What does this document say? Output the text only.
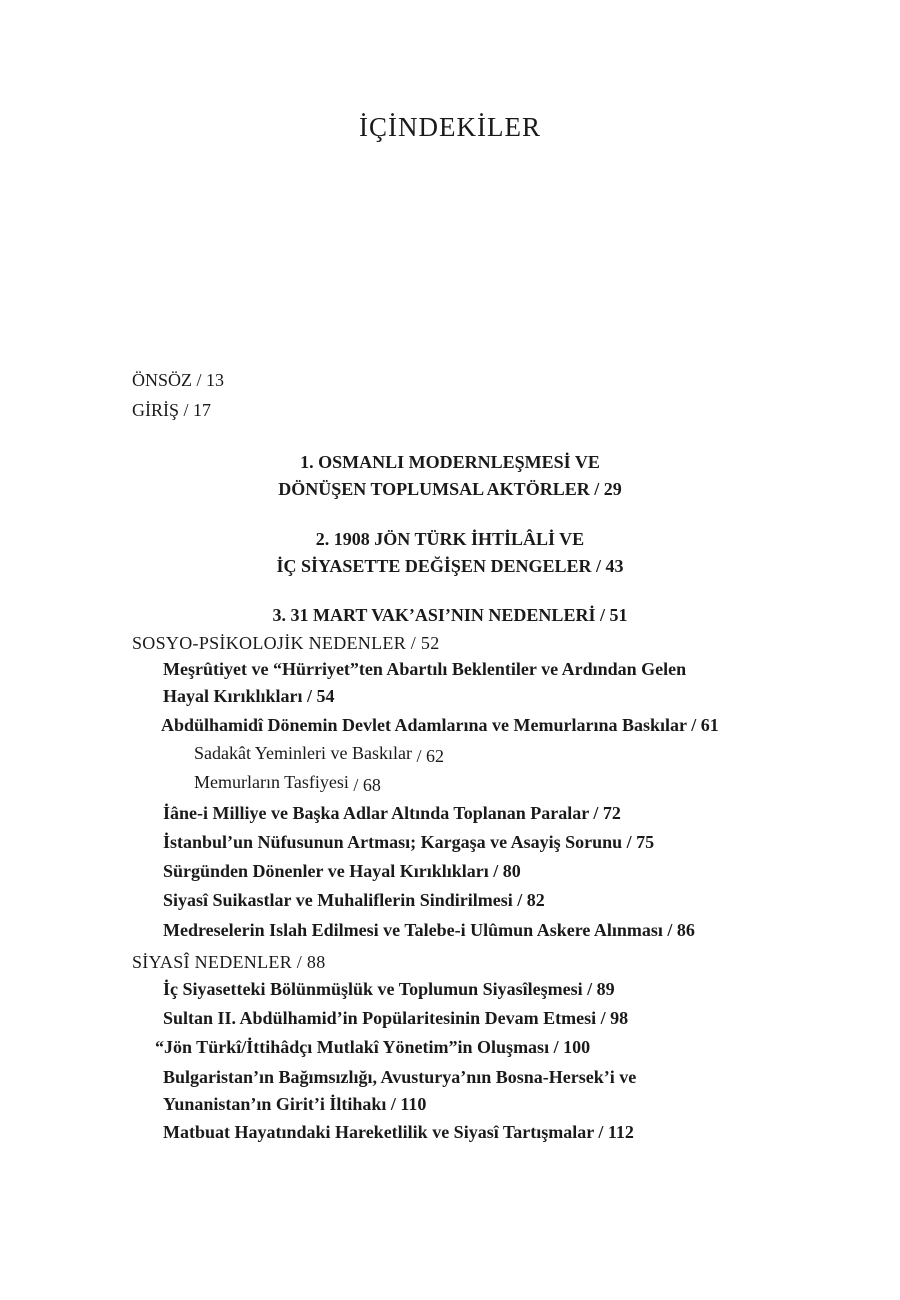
İÇİNDEKİLER
ÖNSÖZ / 13
GİRİŞ / 17
1. OSMANLI MODERNLEŞMESİ VE
DÖNÜŞEN TOPLUMSAL AKTÖRLER / 29
2. 1908 JÖN TÜRK İHTİLÂLİ VE
İÇ SİYASETTE DEĞİŞEN DENGELER / 43
3. 31 MART VAK’ASI’NIN NEDENLERİ / 51
SOSYO-PSİKOLOJİK NEDENLER / 52
Meşrûtiyet ve “Hürriyet”ten Abartılı Beklentiler ve Ardından Gelen
Hayal Kırıklıkları / 54
Abdülhamidî Dönemin Devlet Adamlarına ve Memurlarına Baskılar / 61
Sadakât Yeminleri ve Baskılar / 62
Memurların Tasfiyesi / 68
İâne-i Milliye ve Başka Adlar Altında Toplanan Paralar / 72
İstanbul’un Nüfusunun Artması; Kargaşa ve Asayiş Sorunu / 75
Sürgünden Dönenler ve Hayal Kırıklıkları / 80
Siyasî Suikastlar ve Muhaliflerin Sindirilmesi / 82
Medreselerin Islah Edilmesi ve Talebe-i Ulûmun Askere Alınması / 86
SİYASÎ NEDENLER / 88
İç Siyasetteki Bölünmüşlük ve Toplumun Siyasîleşmesi / 89
Sultan II. Abdülhamid’in Popülaritesinin Devam Etmesi / 98
“Jön Türkî/İttihâdçı Mutlakî Yönetim”in Oluşması / 100
Bulgaristan’ın Bağımsızlığı, Avusturya’nın Bosna-Hersek’i ve
Yunanistan’ın Girit’i İltihakı / 110
Matbuat Hayatındaki Hareketlilik ve Siyasî Tartışmalar / 112
